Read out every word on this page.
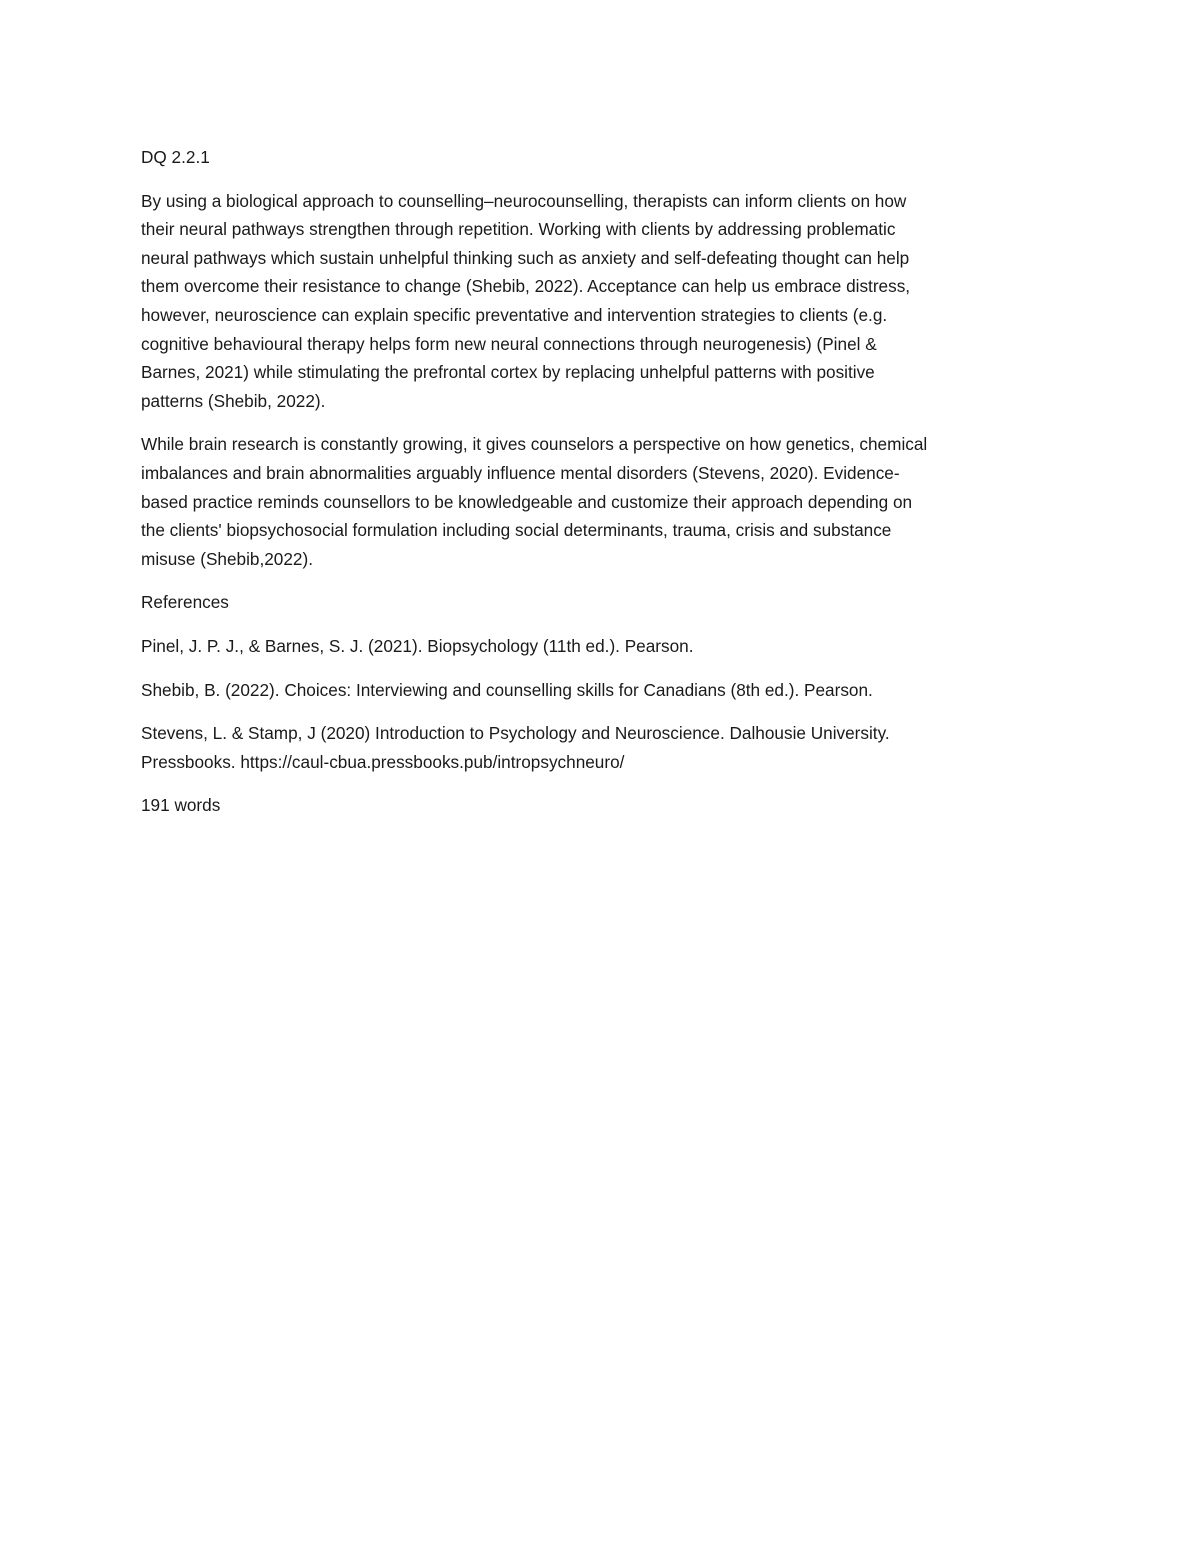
DQ 2.2.1

By using a biological approach to counselling–neurocounselling, therapists can inform clients on how
their neural pathways strengthen through repetition. Working with clients by addressing problematic
neural pathways which sustain unhelpful thinking such as anxiety and self-defeating thought can help
them overcome their resistance to change (Shebib, 2022). Acceptance can help us embrace distress,
however, neuroscience can explain specific preventative and intervention strategies to clients (e.g.
cognitive behavioural therapy helps form new neural connections through neurogenesis) (Pinel &
Barnes, 2021) while stimulating the prefrontal cortex by replacing unhelpful patterns with positive
patterns (Shebib, 2022).

While brain research is constantly growing, it gives counselors a perspective on how genetics, chemical
imbalances and brain abnormalities arguably influence mental disorders (Stevens, 2020). Evidence-
based practice reminds counsellors to be knowledgeable and customize their approach depending on
the clients' biopsychosocial formulation including social determinants, trauma, crisis and substance
misuse (Shebib,2022).

References

Pinel, J. P. J., & Barnes, S. J. (2021). Biopsychology (11th ed.). Pearson.

Shebib, B. (2022). Choices: Interviewing and counselling skills for Canadians (8th ed.). Pearson.

Stevens, L. & Stamp, J (2020) Introduction to Psychology and Neuroscience. Dalhousie University.
Pressbooks. https://caul-cbua.pressbooks.pub/intropsychneuro/

191 words
